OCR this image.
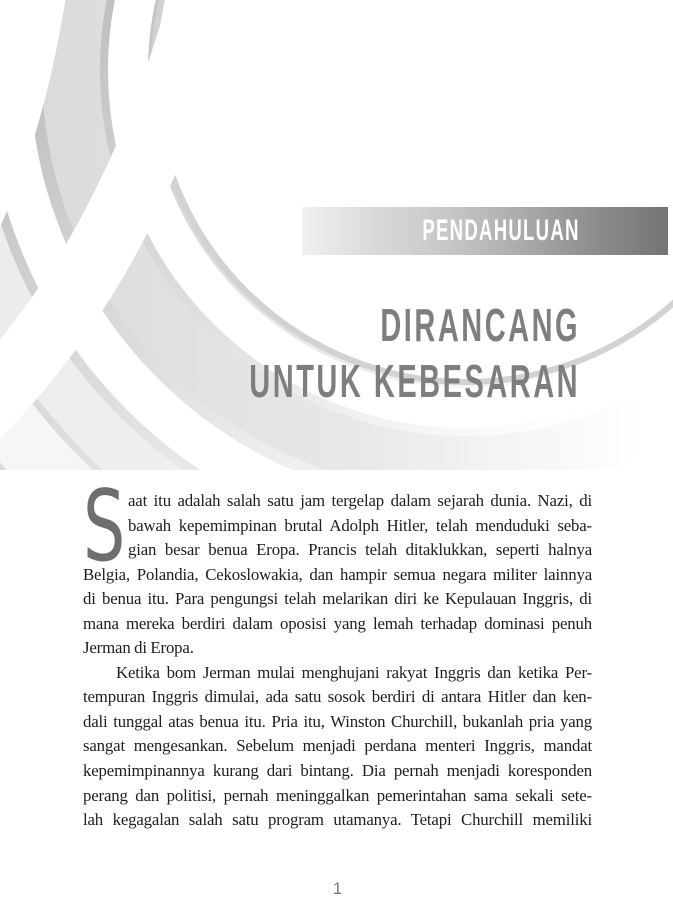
PENDAHULUAN
DIRANCANG
UNTUK KEBESARAN
S aat itu adalah salah satu jam tergelap dalam sejarah dunia. Nazi, di
bawah kepemimpinan brutal Adolph Hitler, telah menduduki seba-
gian besar benua Eropa. Prancis telah ditaklukkan, seperti halnya
Belgia, Polandia, Cekoslowakia, dan hampir semua negara militer lainnya
di benua itu. Para pengungsi telah melarikan diri ke Kepulauan Inggris, di
mana mereka berdiri dalam oposisi yang lemah terhadap dominasi penuh
Jerman di Eropa.
Ketika bom Jerman mulai menghujani rakyat Inggris dan ketika Per-
tempuran Inggris dimulai, ada satu sosok berdiri di antara Hitler dan ken-
dali tunggal atas benua itu. Pria itu, Winston Churchill, bukanlah pria yang
sangat mengesankan. Sebelum menjadi perdana menteri Inggris, mandat
kepemimpinannya kurang dari bintang. Dia pernah menjadi koresponden
perang dan politisi, pernah meninggalkan pemerintahan sama sekali sete-
lah kegagalan salah satu program utamanya. Tetapi Churchill memiliki
1
